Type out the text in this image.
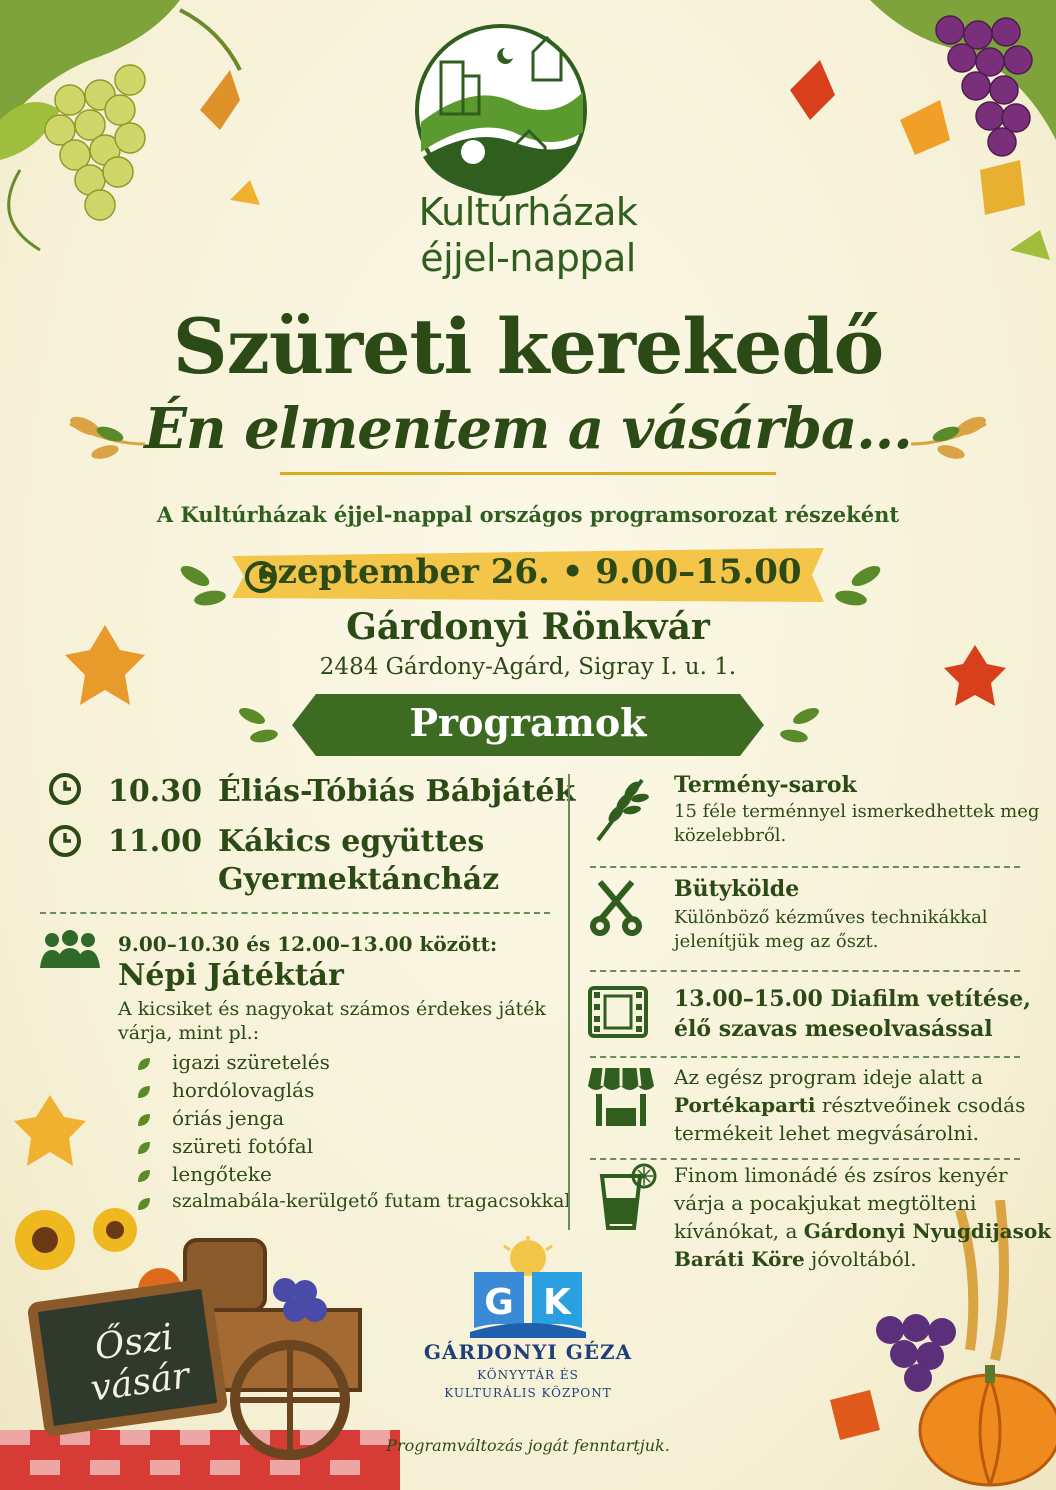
Őszi
vásár
Kultúrházak
éjjel-nappal
Szüreti kerekedő
Én elmentem a vásárba...
A Kultúrházak éjjel-nappal országos programsorozat részeként
szeptember 26. • 9.00–15.00
Gárdonyi Rönkvár
2484 Gárdony-Agárd, Sigray I. u. 1.
Programok
10.30 Éliás-Tóbiás Bábjáték
11.00 Kákics együttes
Gyermektáncház
9.00–10.30 és 12.00–13.00 között:
Népi Játéktár
A kicsiket és nagyokat számos érdekes játék
várja, mint pl.:
igazi szüretelés
hordólovaglás
óriás jenga
szüreti fotófal
lengőteke
szalmabála-kerülgető futam tragacsokkal
Termény-sarok
15 féle terménnyel ismerkedhettek meg
közelebbről.
Bütykölde
Különböző kézműves technikákkal
jelenítjük meg az őszt.
13.00–15.00 Diafilm vetítése,
élő szavas meseolvasással
Az egész program ideje alatt a
Portékaparti résztveőinek csodás
termékeit lehet megvásárolni.
Finom limonádé és zsíros kenyér
várja a pocakjukat megtölteni
kívánókat, a Gárdonyi Nyugdijasok
Baráti Köre jóvoltából.
G K
GÁRDONYI GÉZA
KÖNYYTÁR ÉS
KULTURÁLIS KÖZPONT
Programváltozás jogát fenntartjuk.
